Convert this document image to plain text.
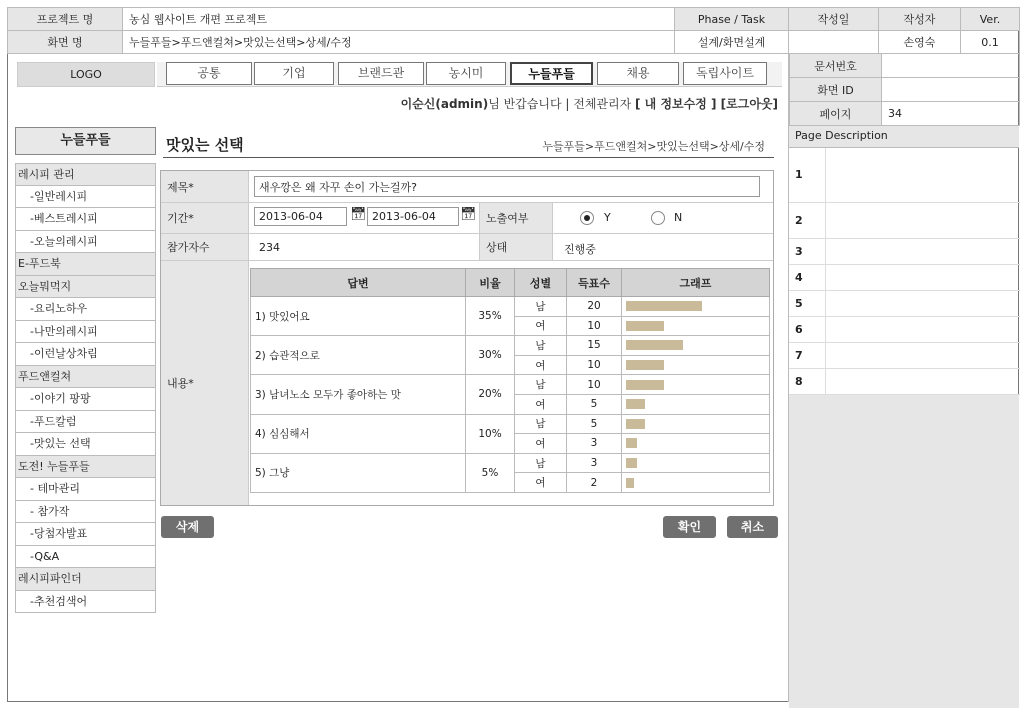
프로젝트 명	농심 웹사이트 개편 프로젝트	Phase / Task	작성일	작성자	Ver.
화면 명	누들푸들>푸드앤컬쳐>맛있는선택>상세/수정	설계/화면설계		손영숙	0.1
문서번호	
화면 ID	
페이지	34
Page Description
1	
2	
3	
4	
5	
6	
7	
8	
LOGO	공통	기업	브랜드관	농시미	누들푸들	채용	독립사이트
이순신(admin)님 반갑습니다 | 전체관리자 [ 내 정보수정 ] [로그아웃]
누들푸들
레시피 관리
-일반레시피
-베스트레시피
-오늘의레시피
E-푸드북
오늘뭐먹지
-요리노하우
-나만의레시피
-이런날상차림
푸드앤컬쳐
-이야기 팡팡
-푸드칼럼
-맛있는 선택
도전! 누들푸들
- 테마관리
- 참가작
-당첨자발표
-Q&A
레시피파인더
-추천검색어
맛있는 선택	누들푸들>푸드앤컬쳐>맛있는선택>상세/수정
제목*	새우깡은 왜 자꾸 손이 가는걸까?
기간*	2013-06-04	📅︎ 2013-06-04	📅︎ 노출여부	Y	N
참가자수	234	상태	진행중
내용*
답변	비율	성별	득표수	그래프
1) 맛있어요	35%	남	20	

		여	10	

2) 습관적으로	30%	남	15	

		여	10	

3) 남녀노소 모두가 좋아하는 맛	20%	남	10	

		여	5	

4) 심심해서	10%	남	5	

		여	3	

5) 그냥	5%	남	3	

		여	2	
삭제	확인	취소
